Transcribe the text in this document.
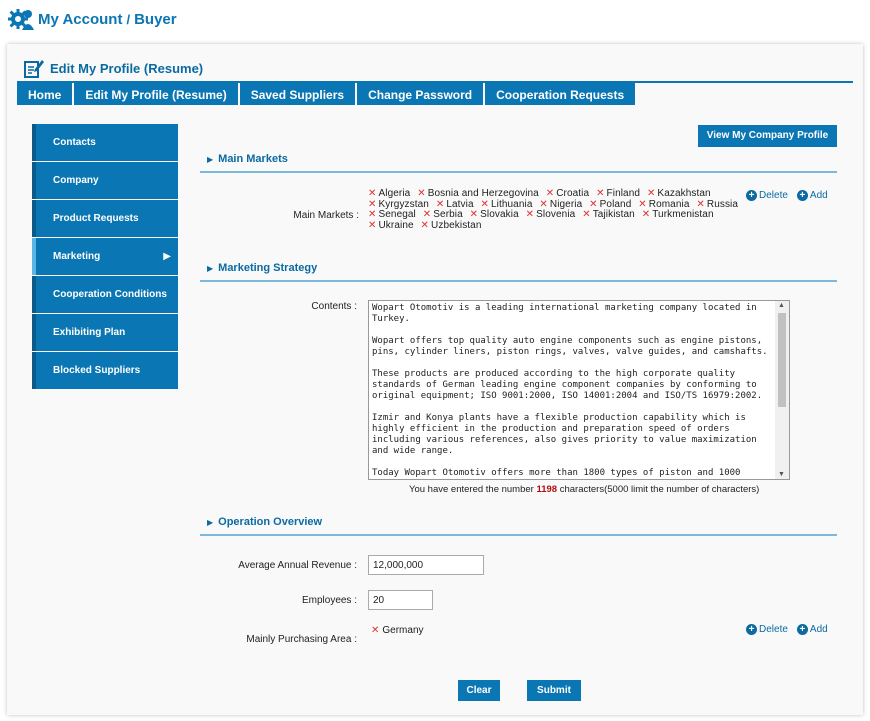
My Account / Buyer
Edit My Profile (Resume)
Home	Edit My Profile (Resume)	Saved Suppliers	Change Password	Cooperation Requests
Contacts
Company
Product Requests
Marketing	▶
Cooperation Conditions
Exhibiting Plan
Blocked Suppliers
View My Company Profile
▶ Main Markets
Main Markets :
✕ Algeria ✕ Bosnia and Herzegovina ✕ Croatia ✕ Finland ✕ Kazakhstan ✕ Kyrgyzstan ✕ Latvia ✕ Lithuania ✕ Nigeria ✕ Poland ✕ Romania ✕ Russia ✕ Senegal ✕ Serbia ✕ Slovakia ✕ Slovenia ✕ Tajikistan ✕ Turkmenistan ✕ Ukraine ✕ Uzbekistan
+ Delete + Add
▶ Marketing Strategy
Contents :
Wopart Otomotiv is a leading international marketing company located in Turkey. Wopart offers top quality auto engine components such as engine pistons, pins, cylinder liners, piston rings, valves, valve guides, and camshafts. These products are produced according to the high corporate quality standards of German leading engine component companies by conforming to original equipment; ISO 9001:2000, ISO 14001:2004 and ISO/TS 16979:2002. Izmir and Konya plants have a flexible production capability which is highly efficient in the production and preparation speed of orders including various references, also gives priority to value maximization and wide range. Today Wopart Otomotiv offers more than 1800 types of piston and 1000	▲
▼
You have entered the number 1198 characters(5000 limit the number of characters)
▶ Operation Overview
Average Annual Revenue :
12,000,000
Employees :
20
Mainly Purchasing Area :
✕ Germany	+ Delete + Add
Clear	Submit
